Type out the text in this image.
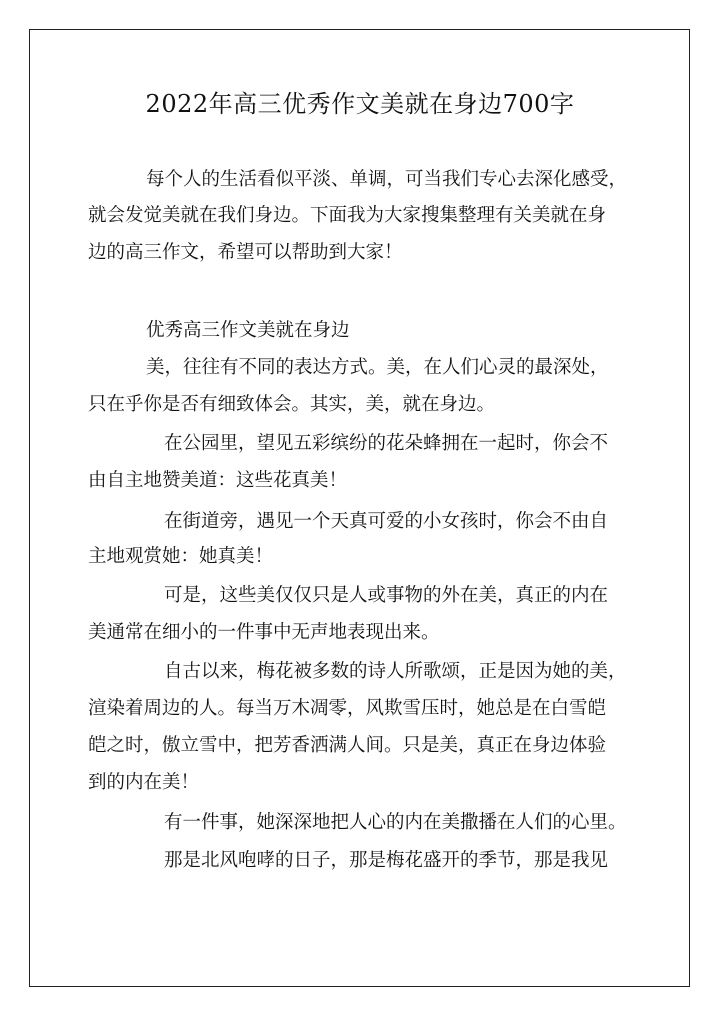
2022年高三优秀作文美就在身边700字
每个人的生活看似平淡、单调，可当我们专心去深化感受，
就会发觉美就在我们身边。下面我为大家搜集整理有关美就在身
边的高三作文，希望可以帮助到大家！
优秀高三作文美就在身边
美，往往有不同的表达方式。美，在人们心灵的最深处，
只在乎你是否有细致体会。其实，美，就在身边。
在公园里，望见五彩缤纷的花朵蜂拥在一起时，你会不
由自主地赞美道：这些花真美！
在街道旁，遇见一个天真可爱的小女孩时，你会不由自
主地观赏她：她真美！
可是，这些美仅仅只是人或事物的外在美，真正的内在
美通常在细小的一件事中无声地表现出来。
自古以来，梅花被多数的诗人所歌颂，正是因为她的美，
渲染着周边的人。每当万木凋零，风欺雪压时，她总是在白雪皑
皑之时，傲立雪中，把芳香洒满人间。只是美，真正在身边体验
到的内在美！
有一件事，她深深地把人心的内在美撒播在人们的心里。
那是北风咆哮的日子，那是梅花盛开的季节，那是我见
